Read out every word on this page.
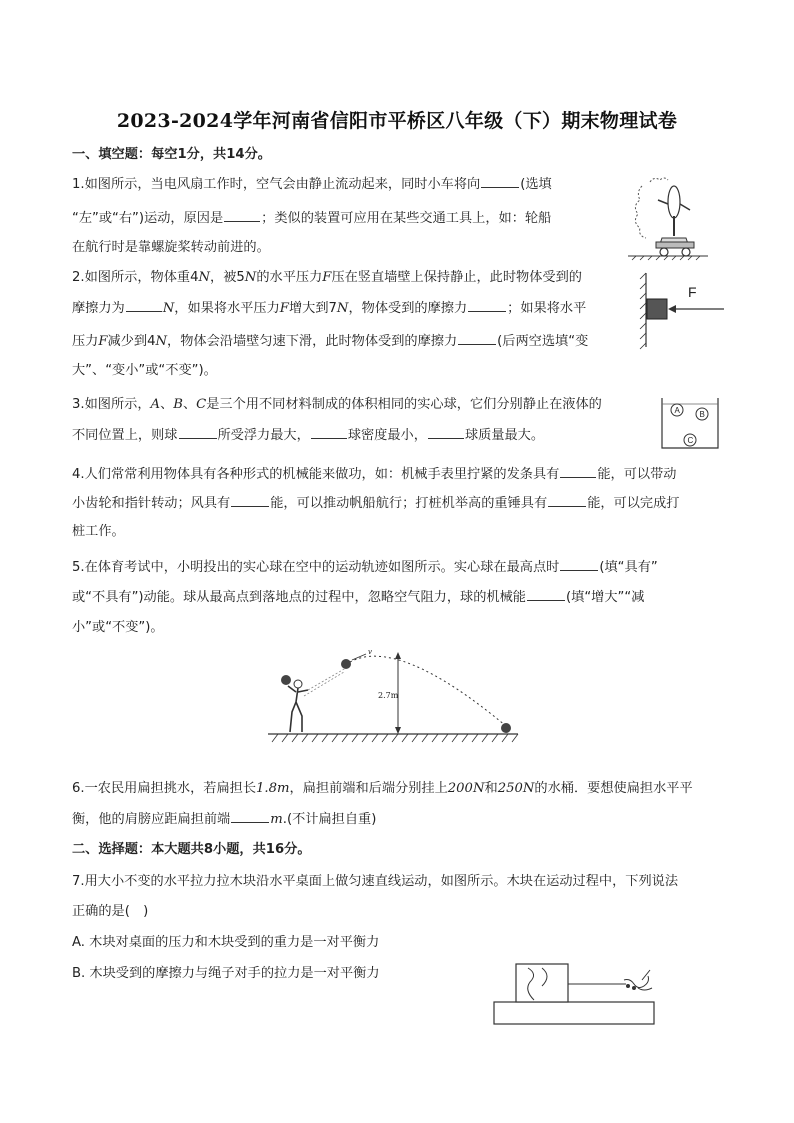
2023-2024学年河南省信阳市平桥区八年级（下）期末物理试卷
一、填空题：每空1分，共14分。
1.如图所示，当电风扇工作时，空气会由静止流动起来，同时小车将向	(选填
“左”或“右”)运动，原因是	；类似的装置可应用在某些交通工具上，如：轮船
在航行时是靠螺旋桨转动前进的。
2.如图所示，物体重4N，被5N的水平压力F压在竖直墙壁上保持静止，此时物体受到的
摩擦力为	N，如果将水平压力F增大到7N，物体受到的摩擦力	；如果将水平
压力F减少到4N，物体会沿墙壁匀速下滑，此时物体受到的摩擦力	(后两空选填“变
大”、“变小”或“不变”)。
F
3.如图所示，A、B、C是三个用不同材料制成的体积相同的实心球，它们分别静止在液体的
不同位置上，则球	所受浮力最大，	球密度最小，	球质量最大。
A B
C
4.人们常常利用物体具有各种形式的机械能来做功，如：机械手表里拧紧的发条具有	能，可以带动
小齿轮和指针转动；风具有	能，可以推动帆船航行；打桩机举高的重锤具有	能，可以完成打
桩工作。
5.在体育考试中，小明投出的实心球在空中的运动轨迹如图所示。实心球在最高点时	(填“具有”
或“不具有”)动能。球从最高点到落地点的过程中，忽略空气阻力，球的机械能	(填“增大”“减
小”或“不变”)。
v
2.7m
6.一农民用扁担挑水，若扁担长1.8m，扁担前端和后端分别挂上200N和250N的水桶．要想使扁担水平平
衡，他的肩膀应距扁担前端	m.(不计扁担自重)
二、选择题：本大题共8小题，共16分。
7.用大小不变的水平拉力拉木块沿水平桌面上做匀速直线运动，如图所示。木块在运动过程中，下列说法
正确的是(　)
A. 木块对桌面的压力和木块受到的重力是一对平衡力
B. 木块受到的摩擦力与绳子对手的拉力是一对平衡力
